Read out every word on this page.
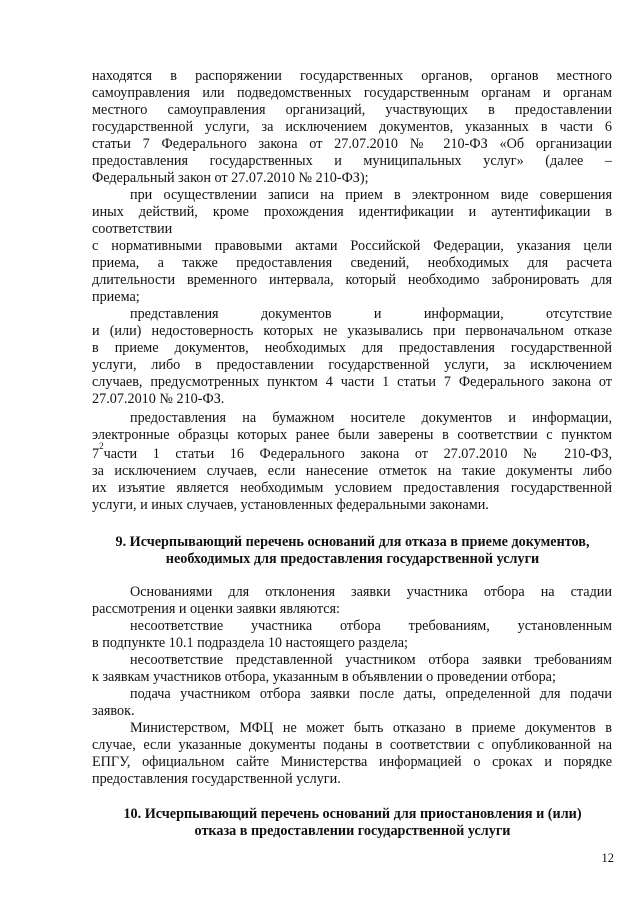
находятся в распоряжении государственных органов, органов местного
самоуправления или подведомственных государственным органам и органам
местного самоуправления организаций, участвующих в предоставлении
государственной услуги, за исключением документов, указанных в части 6
статьи 7 Федерального закона от 27.07.2010 № 210-ФЗ «Об организации
предоставления государственных и муниципальных услуг» (далее –
Федеральный закон от 27.07.2010 № 210-ФЗ);
при осуществлении записи на прием в электронном виде совершения
иных действий, кроме прохождения идентификации и аутентификации в
соответствии
с нормативными правовыми актами Российской Федерации, указания цели
приема, а также предоставления сведений, необходимых для расчета
длительности временного интервала, который необходимо забронировать для
приема;
представления документов и информации, отсутствие
и (или) недостоверность которых не указывались при первоначальном отказе
в приеме документов, необходимых для предоставления государственной
услуги, либо в предоставлении государственной услуги, за исключением
случаев, предусмотренных пунктом 4 части 1 статьи 7 Федерального закона от
27.07.2010 № 210-ФЗ.
предоставления на бумажном носителе документов и информации,
электронные образцы которых ранее были заверены в соответствии с пунктом
7 2 части 1 статьи 16 Федерального закона от 27.07.2010 № 210-ФЗ,
за исключением случаев, если нанесение отметок на такие документы либо
их изъятие является необходимым условием предоставления государственной
услуги, и иных случаев, установленных федеральными законами.
9. Исчерпывающий перечень оснований для отказа в приеме документов,
необходимых для предоставления государственной услуги
Основаниями для отклонения заявки участника отбора на стадии
рассмотрения и оценки заявки являются:
несоответствие участника отбора требованиям, установленным
в подпункте 10.1 подраздела 10 настоящего раздела;
несоответствие представленной участником отбора заявки требованиям
к заявкам участников отбора, указанным в объявлении о проведении отбора;
подача участником отбора заявки после даты, определенной для подачи
заявок.
Министерством, МФЦ не может быть отказано в приеме документов в
случае, если указанные документы поданы в соответствии с опубликованной на
ЕПГУ, официальном сайте Министерства информацией о сроках и порядке
предоставления государственной услуги.
10. Исчерпывающий перечень оснований для приостановления и (или)
отказа в предоставлении государственной услуги
12
